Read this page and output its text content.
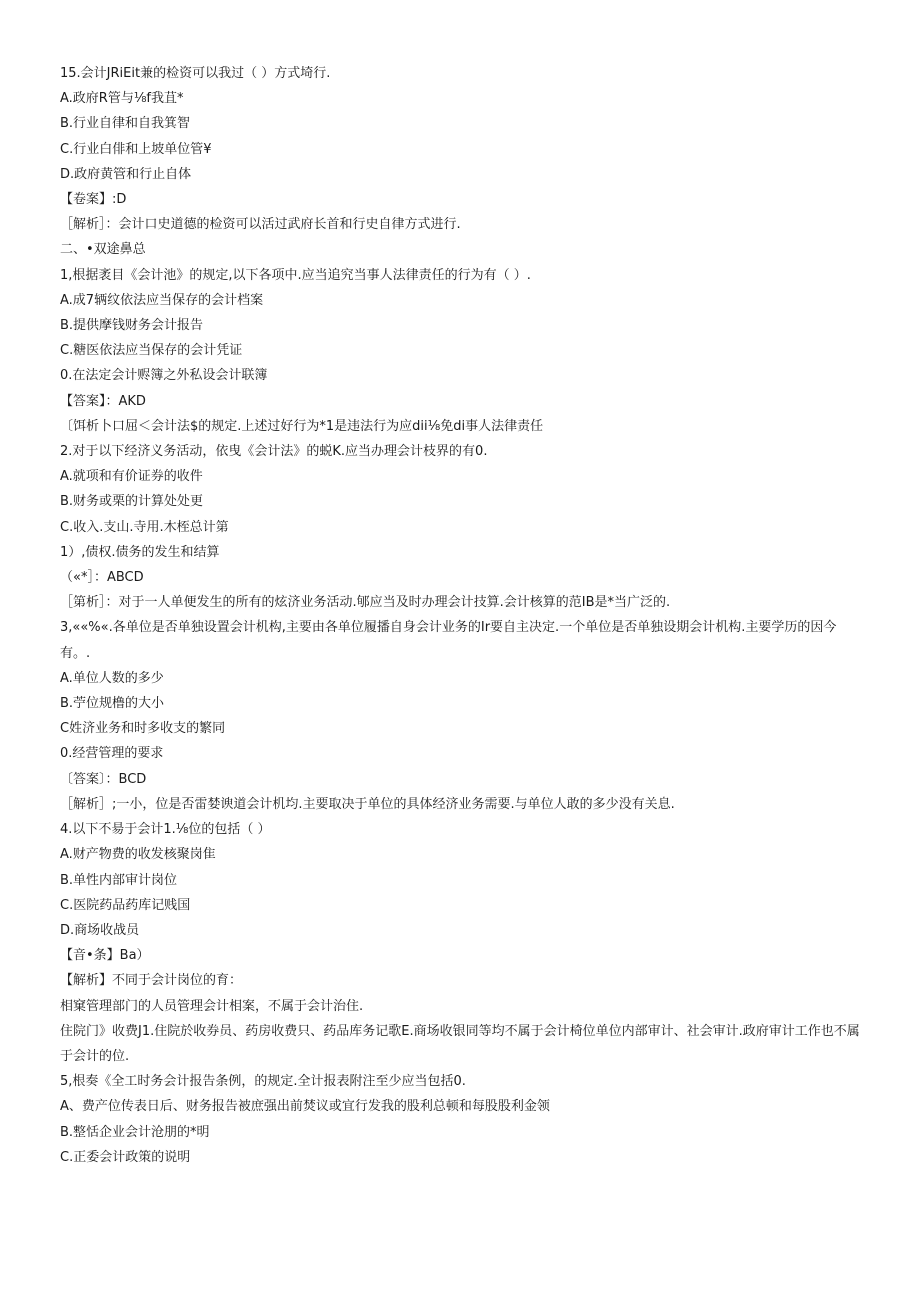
15.会计JRiEit兼的检资可以我过（ ）方式埼行.
A.政府R管与⅛f我苴*
B.行业自律和自我箕智
C.行业白俳和上坡单位管¥
D.政府黄管和行止自体
【卷案】:D
［解析］：会计口史道德的检资可以活过武府长首和行史自律方式进行.
二、•双途鼻总
1,根据袤目《会计池》的规定,以下各项中.应当追究当事人法律责任的行为有（ ）.
A.成7辆纹依法应当保存的会计档案
B.提供摩钱财务会计报告
C.糖医依法应当保存的会计凭证
0.在法定会计赆簿之外私设会计联簿
【答案】：AKD
〔饵析卜口屈＜会计法$的规定.上述过好行为*1是违法行为应dii⅛免di事人法律责任
2.对于以下经济义务活动，依曳《会计法》的蜕K.应当办理会计枝界的有0.
A.就项和有价证券的收件
B.财务或栗的计算处处更
C.收入.支山.寺用.木桎总计第
1）,债权.债务的发生和结算
（«*］：ABCD
［第析］：对于一人单便发生的所有的炫济业务活动.郇应当及时办理会计技算.会计核算的范IB是*当广泛的.
3,««%«.各单位是否单独设置会计机构,主要由各单位履播自身会计业务的Ir要自主决定.一个单位是否单独设期会计机构.主要学历的因今有。.
A.单位人数的多少
B.苧位规橹的大小
C姓济业务和时多收支的繁同
0.经营管理的要求
〔答案〕：BCD
［解析］;一小，位是否雷婪谀道会计机均.主要取决于单位的具体经济业务需要.与单位人敢的多少没有关息.
4.以下不昜于会计1.⅛位的包括（ ）
A.财产物费的收发核聚岗隹
B.单性内部审计岗位
C.医院药品药库记贱国
D.商场收战员
【音•条】Ba）
【解析】不同于会计岗位的育：
相窠管理部门的人员管理会计相案，不属于会计治住.
住院门》收费J1.住院於收券员、药房收费只、药品库务记歌E.商场收银同等均不属于会计椅位单位内部审计、社会审计.政府审计工作也不属于会计的位.
5,根奏《全工时务会计报告条例，的规定.全计报表附注至少应当包括0.
A、费产位传表日后、财务报告被庶强出前焚议或宜行发我的股利总顿和每股股利金领
B.整恬企业会计沧朋的*明
C.正委会计政策的说明
